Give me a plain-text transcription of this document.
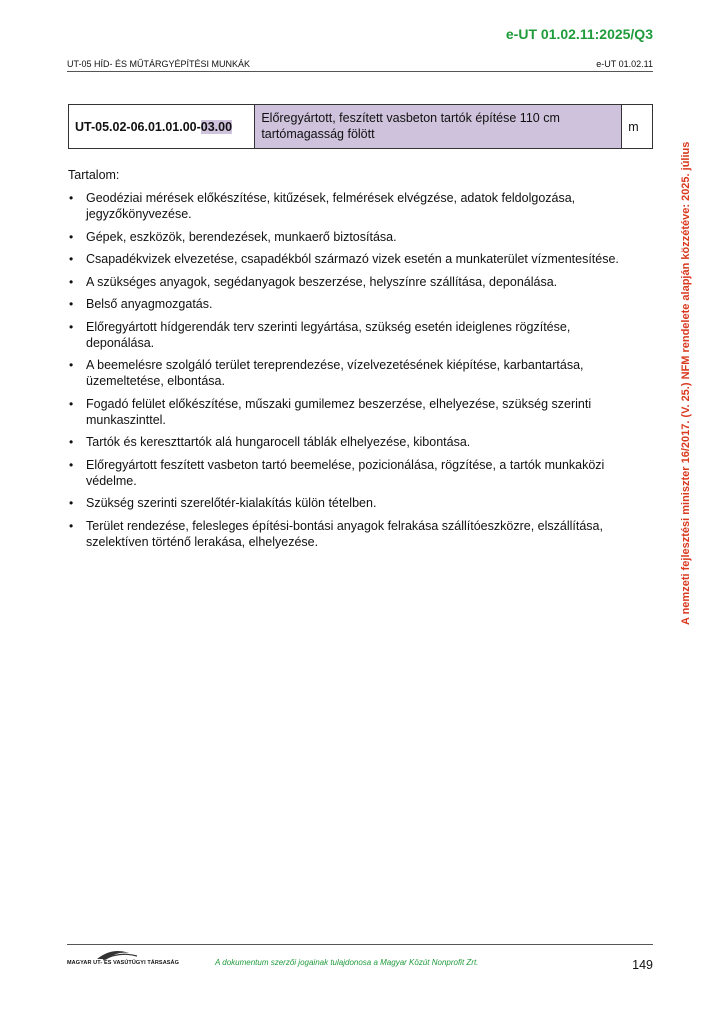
e-UT 01.02.11:2025/Q3
UT-05 HÍD- ÉS MŰTÁRGYÉPÍTÉSI MUNKÁK	e-UT 01.02.11
UT-05.02-06.01.01.00-03.00	Előregyártott, feszített vasbeton tartók építése 110 cm tartómagasság fölött	m
Tartalom:
• Geodéziai mérések előkészítése, kitűzések, felmérések elvégzése, adatok feldolgozása, jegyzőkönyvezése.
• Gépek, eszközök, berendezések, munkaerő biztosítása.
• Csapadékvizek elvezetése, csapadékból származó vizek esetén a munkaterület vízmentesítése.
• A szükséges anyagok, segédanyagok beszerzése, helyszínre szállítása, deponálása.
• Belső anyagmozgatás.
• Előregyártott hídgerendák terv szerinti legyártása, szükség esetén ideiglenes rögzítése, deponálása.
• A beemelésre szolgáló terület tereprendezése, vízelvezetésének kiépítése, karbantartása, üzemeltetése, elbontása.
• Fogadó felület előkészítése, műszaki gumilemez beszerzése, elhelyezése, szükség szerinti munkaszinttel.
• Tartók és kereszttartók alá hungarocell táblák elhelyezése, kibontása.
• Előregyártott feszített vasbeton tartó beemelése, pozicionálása, rögzítése, a tartók munkaközi védelme.
• Szükség szerinti szerelőtér-kialakítás külön tételben.
• Terület rendezése, felesleges építési-bontási anyagok felrakása szállítóeszközre, elszállítása, szelektíven történő lerakása, elhelyezése.	A nemzeti fejlesztési miniszter 16/2017. (V. 25.) NFM rendelete alapján közzétéve: 2025. július
MAGYAR UT- ÉS VASÚTÜGYI TÁRSASÁG	A dokumentum szerzői jogainak tulajdonosa a Magyar Közút Nonprofit Zrt.	149
